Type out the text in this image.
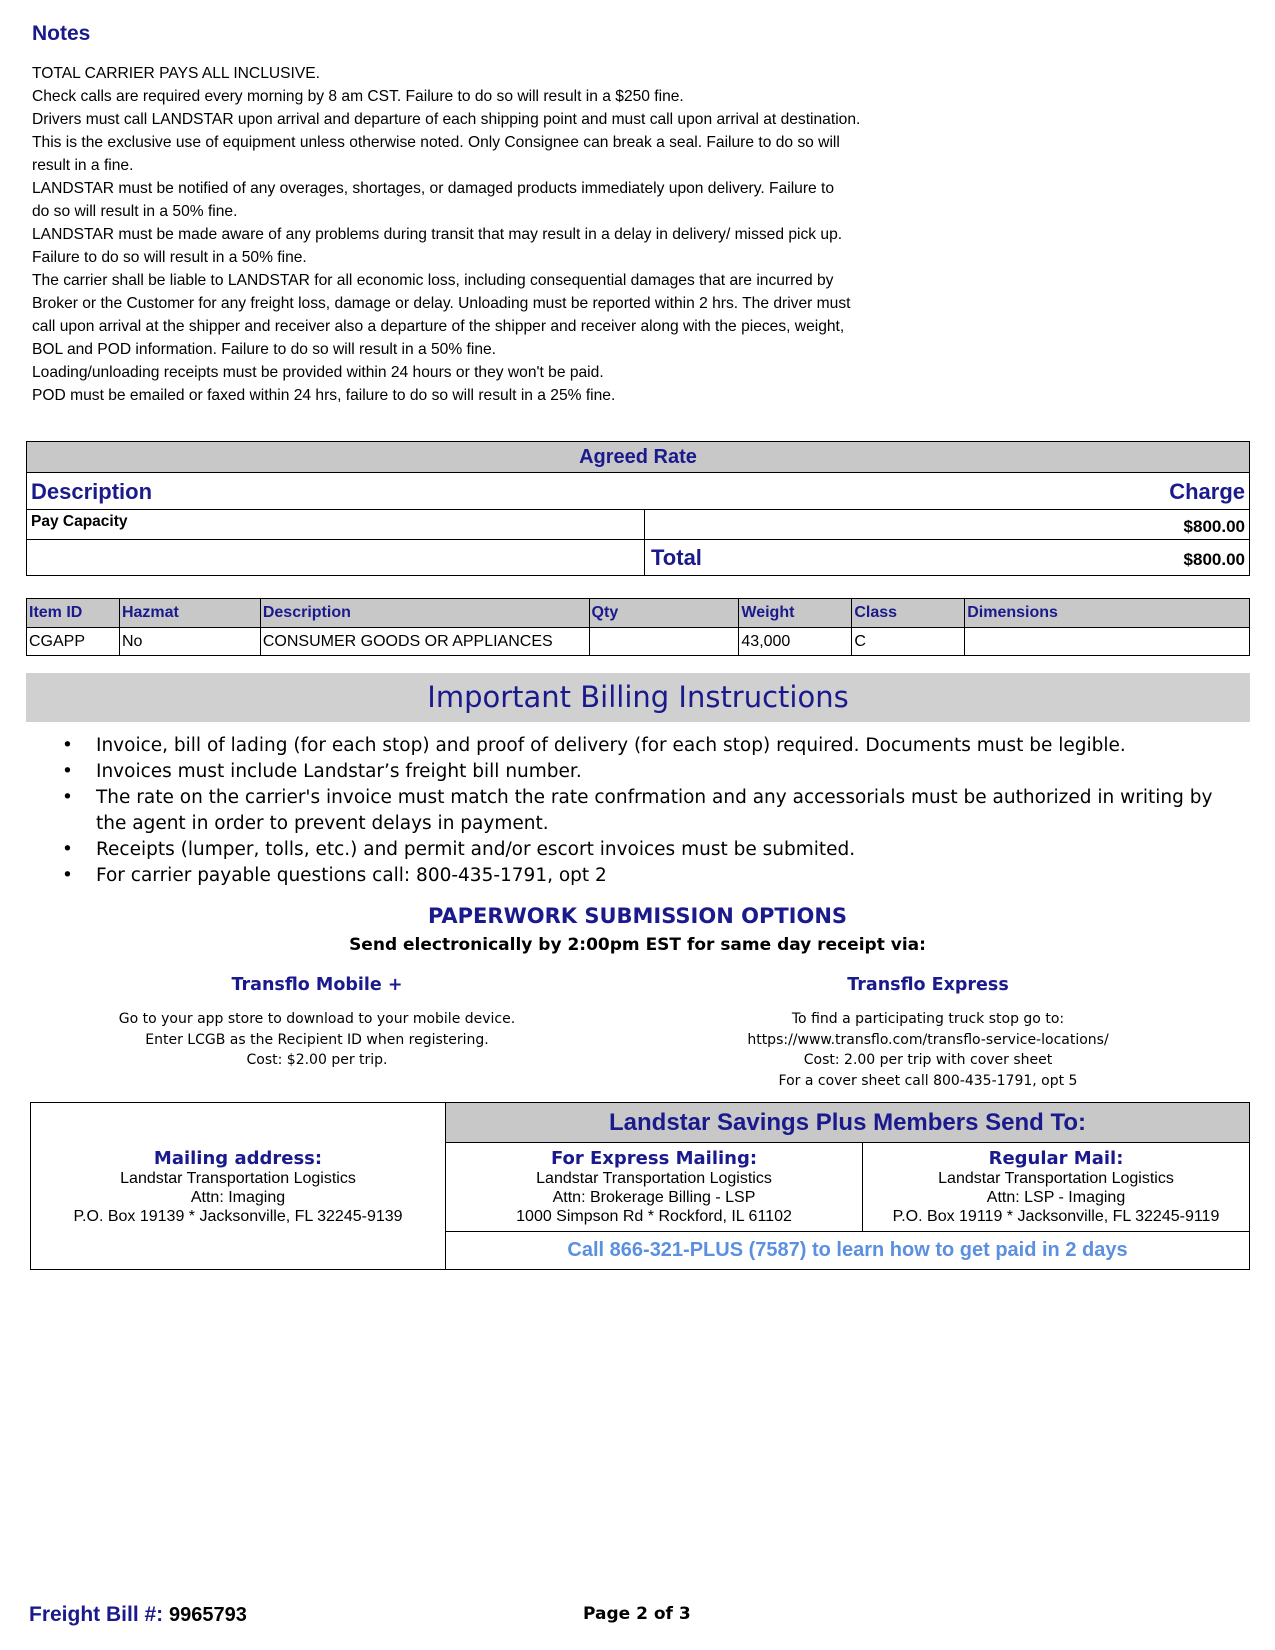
Notes
TOTAL CARRIER PAYS ALL INCLUSIVE.
Check calls are required every morning by 8 am CST. Failure to do so will result in a $250 fine.
Drivers must call LANDSTAR upon arrival and departure of each shipping point and must call upon arrival at destination.
This is the exclusive use of equipment unless otherwise noted. Only Consignee can break a seal. Failure to do so will
result in a fine.
LANDSTAR must be notified of any overages, shortages, or damaged products immediately upon delivery. Failure to
do so will result in a 50% fine.
LANDSTAR must be made aware of any problems during transit that may result in a delay in delivery/ missed pick up.
Failure to do so will result in a 50% fine.
The carrier shall be liable to LANDSTAR for all economic loss, including consequential damages that are incurred by
Broker or the Customer for any freight loss, damage or delay. Unloading must be reported within 2 hrs. The driver must
call upon arrival at the shipper and receiver also a departure of the shipper and receiver along with the pieces, weight,
BOL and POD information. Failure to do so will result in a 50% fine.
Loading/unloading receipts must be provided within 24 hours or they won't be paid.
POD must be emailed or faxed within 24 hrs, failure to do so will result in a 25% fine.
Agreed Rate
Description	Charge
Pay Capacity	$800.00
Total	$800.00
Item ID	Hazmat	Description	Qty	Weight	Class	Dimensions
CGAPP	No	CONSUMER GOODS OR APPLIANCES		43,000	C	
Important Billing Instructions
• Invoice, bill of lading (for each stop) and proof of delivery (for each stop) required. Documents must be legible.
• Invoices must include Landstar’s freight bill number.
• The rate on the carrier's invoice must match the rate confrmation and any accessorials must be authorized in writing by the agent in order to prevent delays in payment.
• Receipts (lumper, tolls, etc.) and permit and/or escort invoices must be submited.
• For carrier payable questions call: 800-435-1791, opt 2
PAPERWORK SUBMISSION OPTIONS
Send electronically by 2:00pm EST for same day receipt via:
Transflo Mobile +
Go to your app store to download to your mobile device.
Enter LCGB as the Recipient ID when registering.
Cost: $2.00 per trip.
Transflo Express
To find a participating truck stop go to:
https://www.transflo.com/transflo-service-locations/
Cost: 2.00 per trip with cover sheet
For a cover sheet call 800-435-1791, opt 5
Landstar Savings Plus Members Send To:
Mailing address:
Landstar Transportation Logistics
Attn: Imaging
P.O. Box 19139 * Jacksonville, FL 32245-9139
For Express Mailing:
Landstar Transportation Logistics
Attn: Brokerage Billing - LSP
1000 Simpson Rd * Rockford, IL 61102
Regular Mail:
Landstar Transportation Logistics
Attn: LSP - Imaging
P.O. Box 19119 * Jacksonville, FL 32245-9119
Call 866-321-PLUS (7587) to learn how to get paid in 2 days
Freight Bill #: 9965793	Page 2 of 3
